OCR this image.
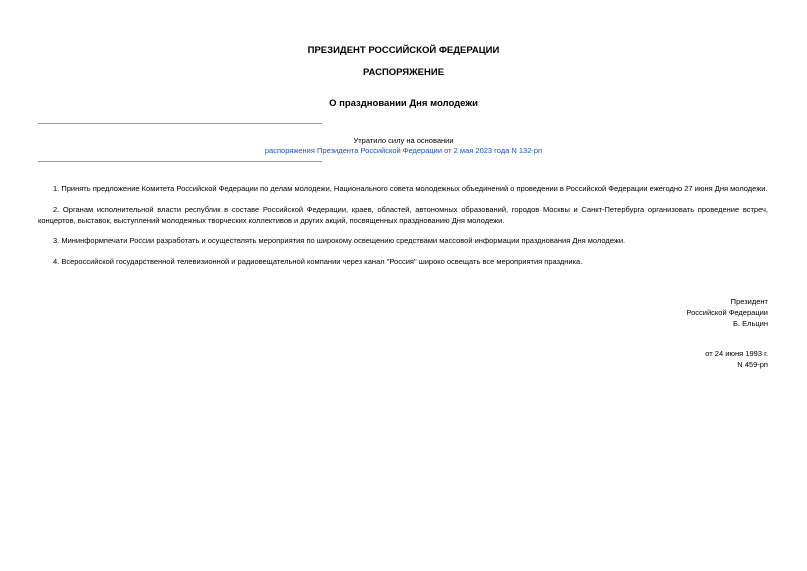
ПРЕЗИДЕНТ РОССИЙСКОЙ ФЕДЕРАЦИИ
РАСПОРЯЖЕНИЕ
О праздновании Дня молодежи
Утратило силу на основании
распоряжения Президента Российской Федерации от 2 мая 2023 года N 132-рп

1. Принять предложение Комитета Российской Федерации по делам молодежи, Национального совета молодежных объединений о проведении в Российской Федерации ежегодно 27 июня Дня молодежи.

2. Органам исполнительной власти республик в составе Российской Федерации, краев, областей, автономных образований, городов Москвы и Санкт-Петербурга организовать проведение встреч, концертов, выставок, выступлений молодежных творческих коллективов и других акций, посвященных празднованию Дня молодежи.

3. Мининформпечати России разработать и осуществлять мероприятия по широкому освещению средствами массовой информации празднования Дня молодежи.

4. Всероссийской государственной телевизионной и радиовещательной компании через канал "Россия" широко освещать все мероприятия праздника.

Президент
Российской Федерации
Б. Ельцин
от 24 июня 1993 г.
N 459-рп
